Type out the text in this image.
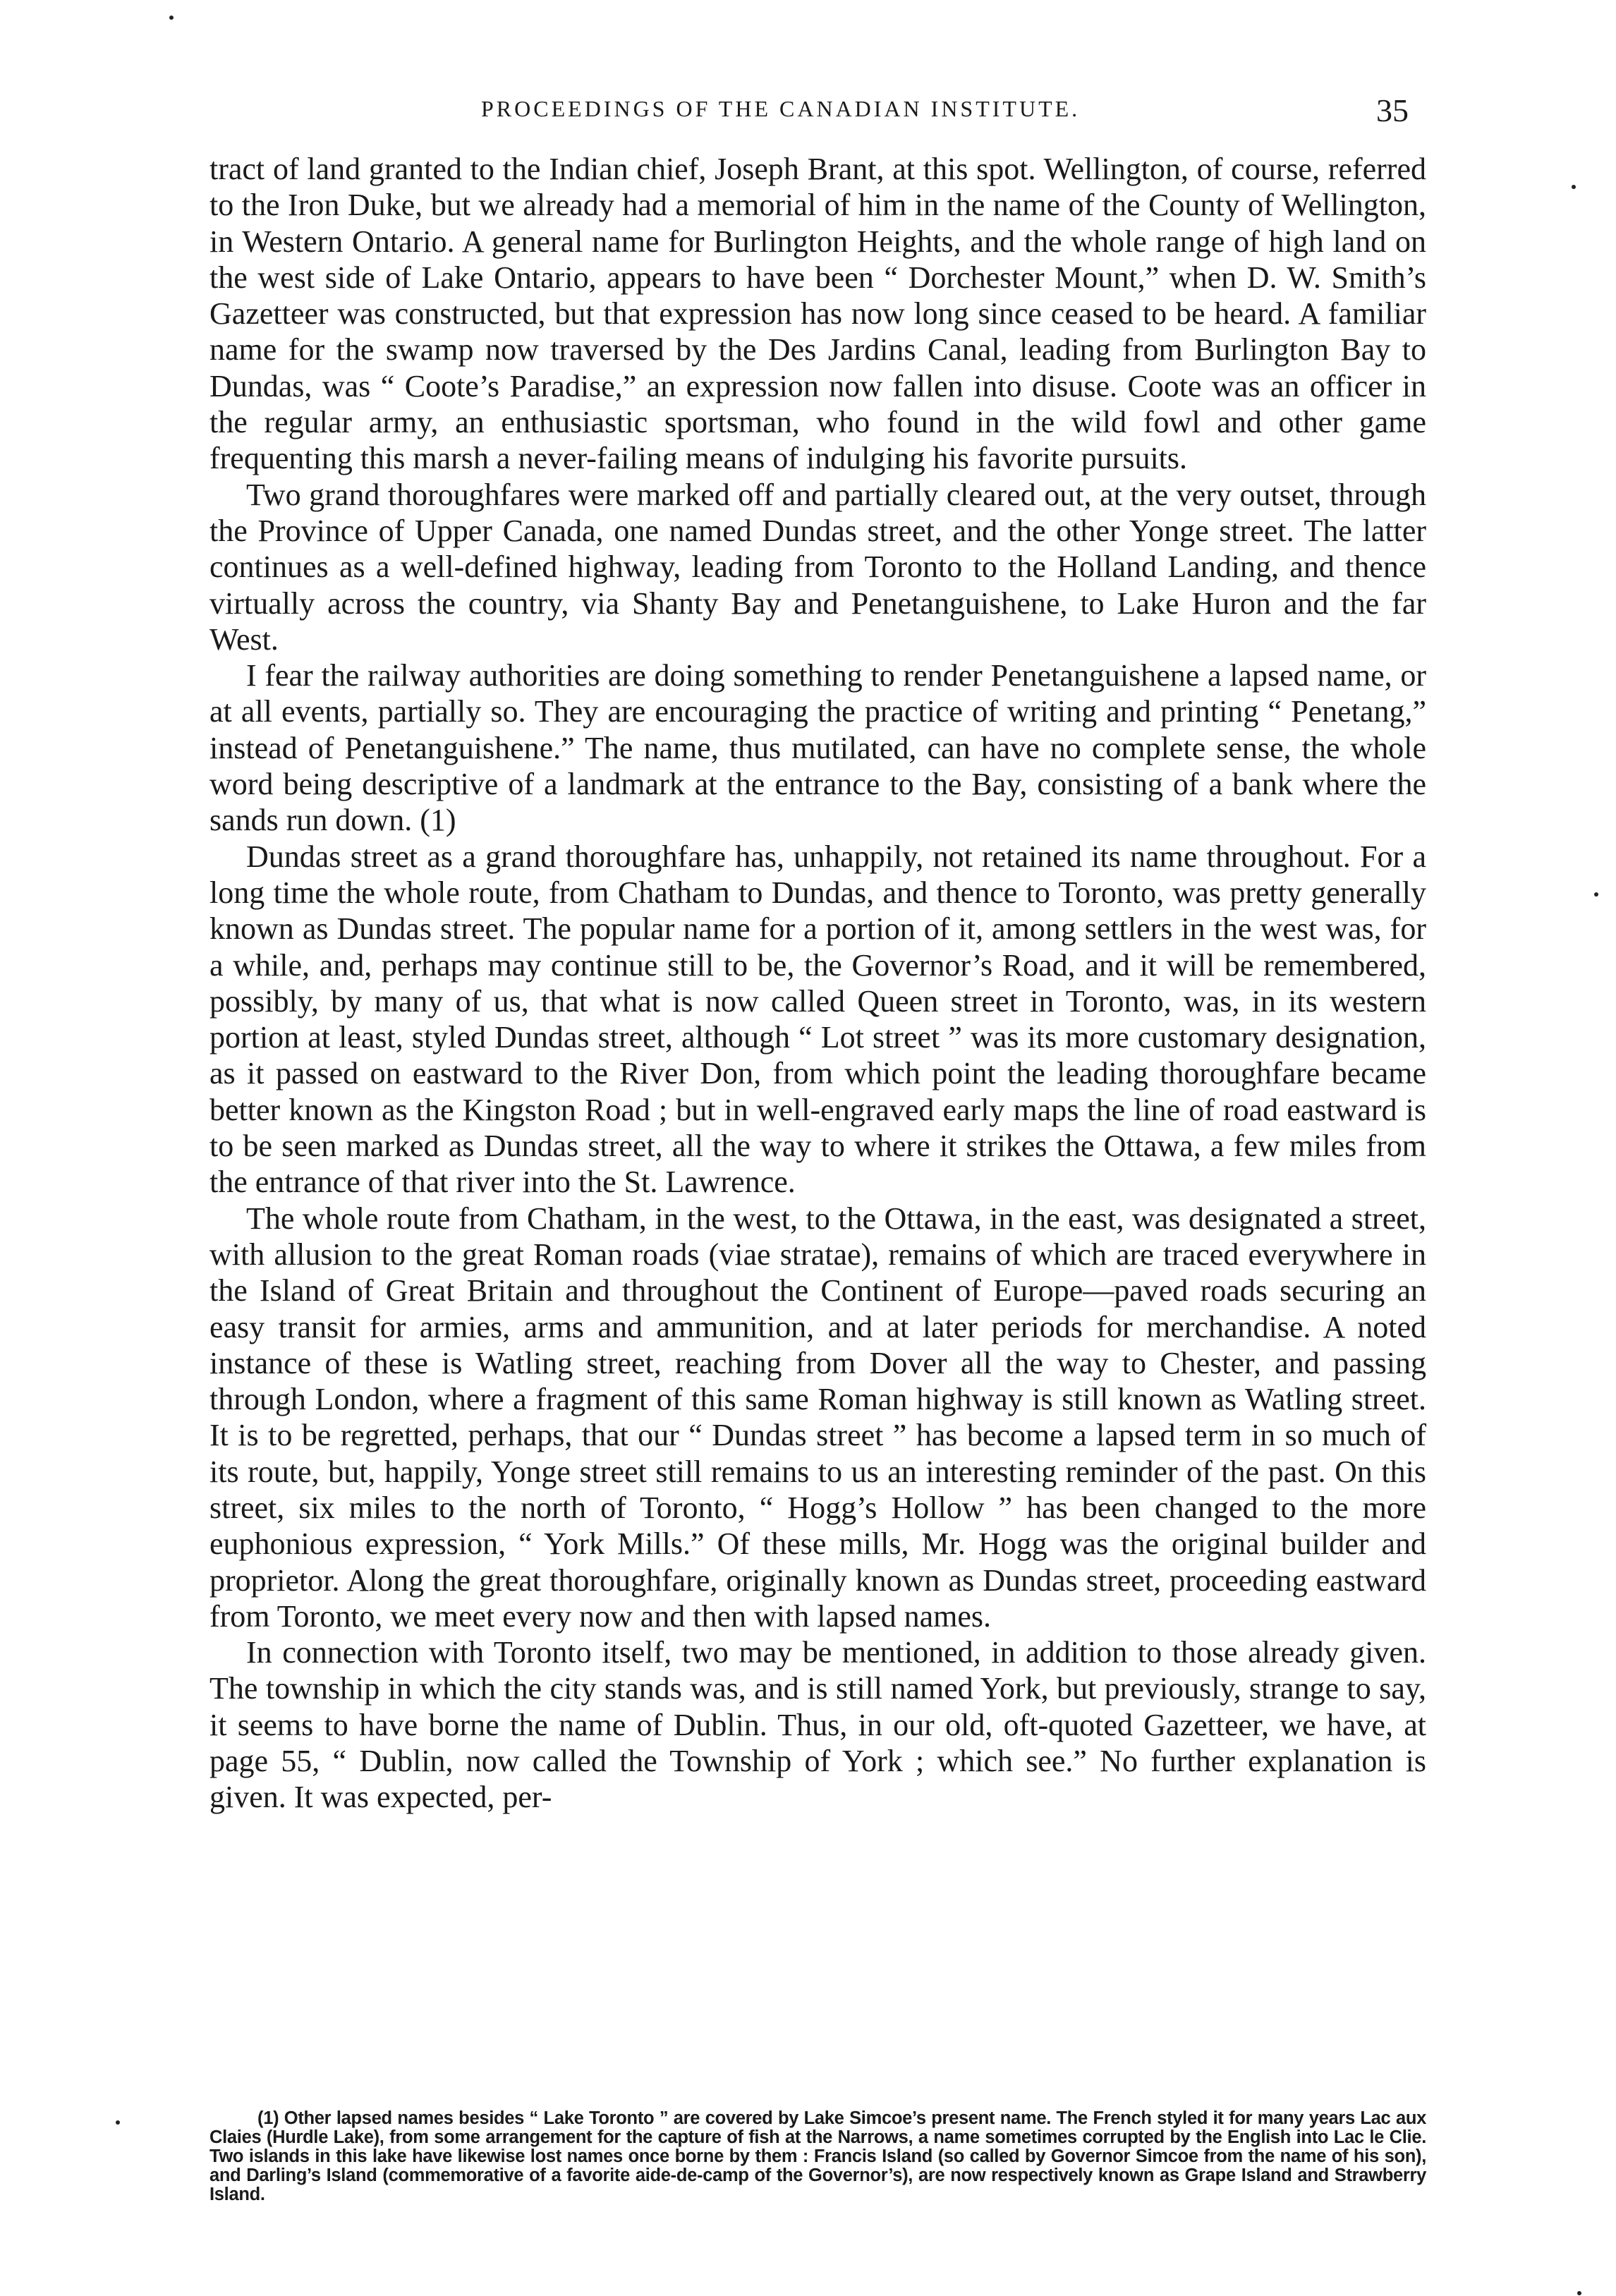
PROCEEDINGS OF THE CANADIAN INSTITUTE.	35

tract of land granted to the Indian chief, Joseph Brant, at this spot. Wellington, of course, referred to the Iron Duke, but we already had a memorial of him in the name of the County of Wellington, in Western Ontario. A general name for Burlington Heights, and the whole range of high land on the west side of Lake Ontario, appears to have been “ Dorchester Mount,” when D. W. Smith’s Gazetteer was constructed, but that expression has now long since ceased to be heard. A familiar name for the swamp now traversed by the Des Jardins Canal, leading from Burlington Bay to Dundas, was “ Coote’s Paradise,” an expression now fallen into disuse. Coote was an officer in the regular army, an enthusiastic sportsman, who found in the wild fowl and other game frequenting this marsh a never-failing means of indulging his favorite pursuits.

Two grand thoroughfares were marked off and partially cleared out, at the very outset, through the Province of Upper Canada, one named Dundas street, and the other Yonge street. The latter continues as a well-defined highway, leading from Toronto to the Holland Landing, and thence virtually across the country, via Shanty Bay and Penetanguishene, to Lake Huron and the far West.

I fear the railway authorities are doing something to render Penetanguishene a lapsed name, or at all events, partially so. They are encouraging the practice of writing and printing “ Penetang,” instead of Penetanguishene.” The name, thus mutilated, can have no complete sense, the whole word being descriptive of a landmark at the entrance to the Bay, consisting of a bank where the sands run down. (1)

Dundas street as a grand thoroughfare has, unhappily, not retained its name throughout. For a long time the whole route, from Chatham to Dundas, and thence to Toronto, was pretty generally known as Dundas street. The popular name for a portion of it, among settlers in the west was, for a while, and, perhaps may continue still to be, the Governor’s Road, and it will be remembered, possibly, by many of us, that what is now called Queen street in Toronto, was, in its western portion at least, styled Dundas street, although “ Lot street ” was its more customary designation, as it passed on eastward to the River Don, from which point the leading thoroughfare became better known as the Kingston Road ; but in well-engraved early maps the line of road eastward is to be seen marked as Dundas street, all the way to where it strikes the Ottawa, a few miles from the entrance of that river into the St. Lawrence.

The whole route from Chatham, in the west, to the Ottawa, in the east, was designated a street, with allusion to the great Roman roads (viae stratae), remains of which are traced everywhere in the Island of Great Britain and throughout the Continent of Europe—paved roads securing an easy transit for armies, arms and ammunition, and at later periods for merchandise. A noted instance of these is Watling street, reaching from Dover all the way to Chester, and passing through London, where a fragment of this same Roman highway is still known as Watling street. It is to be regretted, perhaps, that our “ Dundas street ” has become a lapsed term in so much of its route, but, happily, Yonge street still remains to us an interesting reminder of the past. On this street, six miles to the north of Toronto, “ Hogg’s Hollow ” has been changed to the more euphonious expression, “ York Mills.” Of these mills, Mr. Hogg was the original builder and proprietor. Along the great thoroughfare, originally known as Dundas street, proceeding eastward from Toronto, we meet every now and then with lapsed names.

In connection with Toronto itself, two may be mentioned, in addition to those already given. The township in which the city stands was, and is still named York, but previously, strange to say, it seems to have borne the name of Dublin. Thus, in our old, oft-quoted Gazetteer, we have, at page 55, “ Dublin, now called the Township of York ; which see.” No further explanation is given. It was expected, per-

(1) Other lapsed names besides “ Lake Toronto ” are covered by Lake Simcoe’s present name. The French styled it for many years Lac aux Claies (Hurdle Lake), from some arrangement for the capture of fish at the Narrows, a name sometimes corrupted by the English into Lac le Clie. Two islands in this lake have likewise lost names once borne by them : Francis Island (so called by Governor Simcoe from the name of his son), and Darling’s Island (commemorative of a favorite aide-de-camp of the Governor’s), are now respectively known as Grape Island and Strawberry Island.
